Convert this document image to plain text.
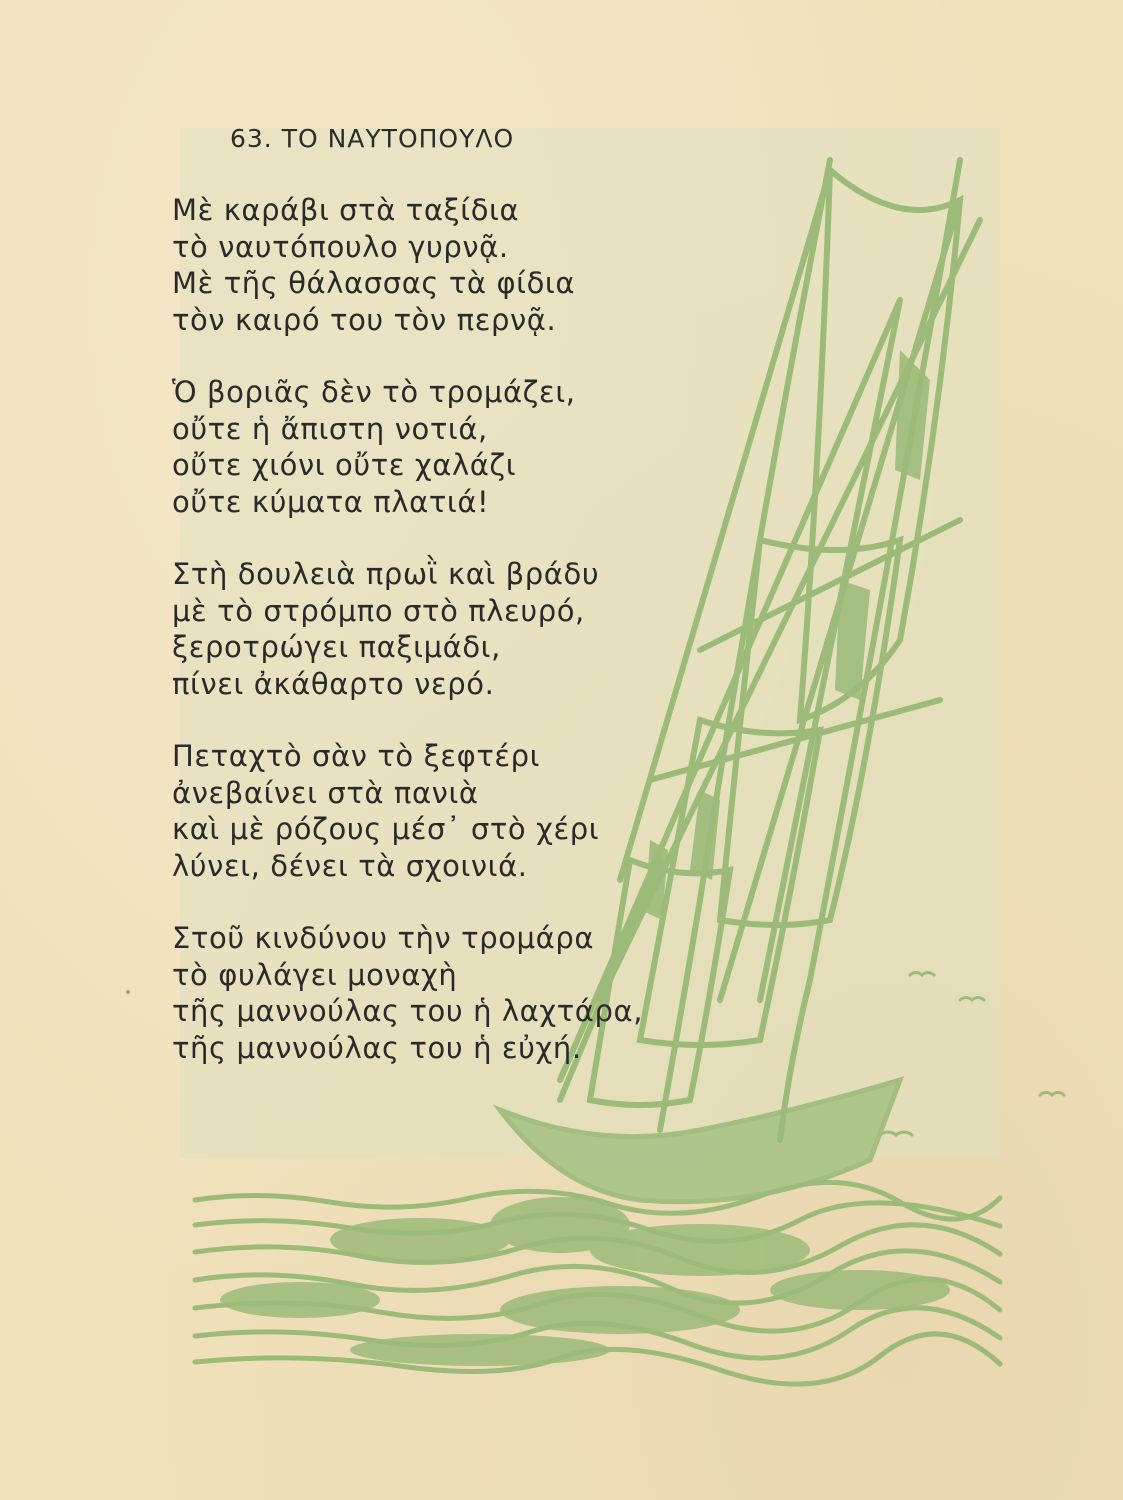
63. ΤΟ ΝΑΥΤΟΠΟΥΛΟ
Μὲ καράβι στὰ ταξίδια
τὸ ναυτόπουλο γυρνᾷ.
Μὲ τῆς θάλασσας τὰ φίδια
τὸν καιρό του τὸν περνᾷ.
Ὁ βοριᾶς δὲν τὸ τρομάζει,
οὔτε ἡ ἄπιστη νοτιά,
οὔτε χιόνι οὔτε χαλάζι
οὔτε κύματα πλατιά!
Στὴ δουλειὰ πρωῒ καὶ βράδυ
μὲ τὸ στρόμπο στὸ πλευρό,
ξεροτρώγει παξιμάδι,
πίνει ἀκάθαρτο νερό.
Πεταχτὸ σὰν τὸ ξεφτέρι
ἀνεβαίνει στὰ πανιὰ
καὶ μὲ ρόζους μέσ᾿ στὸ χέρι
λύνει, δένει τὰ σχοινιά.
Στοῦ κινδύνου τὴν τρομάρα
τὸ φυλάγει μοναχὴ
τῆς μαννούλας του ἡ λαχτάρα,
τῆς μαννούλας του ἡ εὐχή.
